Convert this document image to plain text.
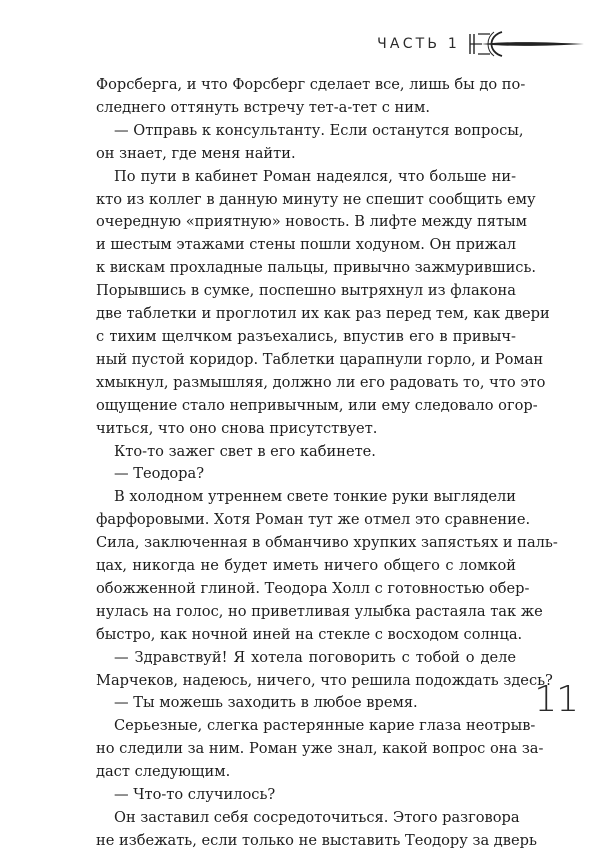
ЧАСТЬ 1

Форсберга, и что Форсберг сделает все, лишь бы до по-

следнего оттянуть встречу тет-а-тет с ним.

— Отправь к консультанту. Если останутся вопросы,

он знает, где меня найти.

По пути в кабинет Роман надеялся, что больше ни-

кто из коллег в данную минуту не спешит сообщить ему

очередную «приятную» новость. В лифте между пятым

и шестым этажами стены пошли ходуном. Он прижал

к вискам прохладные пальцы, привычно зажмурившись.

Порывшись в сумке, поспешно вытряхнул из флакона

две таблетки и проглотил их как раз перед тем, как двери

с тихим щелчком разъехались, впустив его в привыч-

ный пустой коридор. Таблетки царапнули горло, и Роман

хмыкнул, размышляя, должно ли его радовать то, что это

ощущение стало непривычным, или ему следовало огор-

читься, что оно снова присутствует.

Кто-то зажег свет в его кабинете.

— Теодора?

В холодном утреннем свете тонкие руки выглядели

фарфоровыми. Хотя Роман тут же отмел это сравнение.

Сила, заключенная в обманчиво хрупких запястьях и паль-

цах, никогда не будет иметь ничего общего с ломкой

обожженной глиной. Теодора Холл с готовностью обер-

нулась на голос, но приветливая улыбка растаяла так же

быстро, как ночной иней на стекле с восходом солнца.

— Здравствуй! Я хотела поговорить с тобой о деле

Марчеков, надеюсь, ничего, что решила подождать здесь?

— Ты можешь заходить в любое время.

Серьезные, слегка растерянные карие глаза неотрыв-

но следили за ним. Роман уже знал, какой вопрос она за-

даст следующим.

— Что-то случилось?

Он заставил себя сосредоточиться. Этого разговора

не избежать, если только не выставить Теодору за дверь

11
